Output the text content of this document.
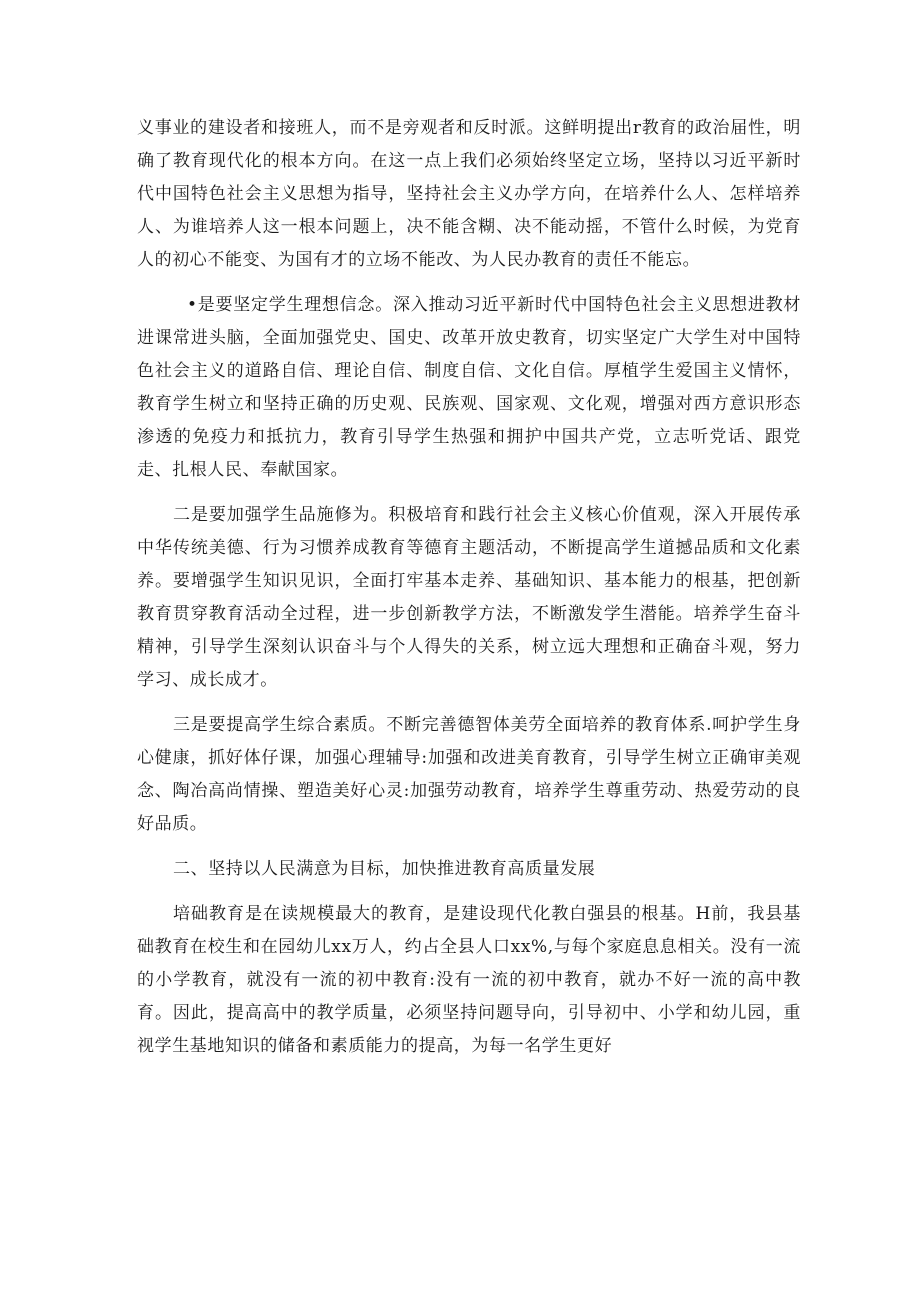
义事业的建设者和接班人，而不是旁观者和反时派。这鲜明提出r教育的政治届性，明确了教育现代化的根本方向。在这一点上我们必须始终坚定立场，坚持以习近平新时代中国特色社会主义思想为指导，坚持社会主义办学方向，在培养什么人、怎样培养人、为谁培养人这一根本问题上，决不能含糊、决不能动摇，不管什么时候，为党育人的初心不能变、为国有才的立场不能改、为人民办教育的责任不能忘。

•是要坚定学生理想信念。深入推动习近平新时代中国特色社会主义思想进教材进课常进头脑，全面加强党史、国史、改革开放史教育，切实坚定广大学生对中国特色社会主义的道路自信、理论自信、制度自信、文化自信。厚植学生爱国主义情怀，教育学生树立和坚持正确的历史观、民族观、国家观、文化观，增强对西方意识形态渗透的免疫力和抵抗力，教育引导学生热强和拥护中国共产党，立志听党话、跟党走、扎根人民、奉献国家。

二是要加强学生品施修为。积极培育和践行社会主义核心价值观，深入开展传承中华传统美德、行为习惯养成教育等德育主题活动，不断提高学生道撼品质和文化素养。要增强学生知识见识，全面打牢基本走养、基础知识、基本能力的根基，把创新教育贯穿教育活动全过程，进一步创新教学方法，不断激发学生潜能。培养学生奋斗精神，引导学生深刻认识奋斗与个人得失的关系，树立远大理想和正确奋斗观，努力学习、成长成才。

三是要提高学生综合素质。不断完善德智体美劳全面培养的教育体系.呵护学生身心健康，抓好体仔课，加强心理辅导:加强和改进美育教育，引导学生树立正确审美观念、陶冶高尚情操、塑造美好心灵:加强劳动教育，培养学生尊重劳动、热爱劳动的良好品质。

二、坚持以人民满意为目标，加快推进教育高质量发展

培础教育是在读规模最大的教育，是建设现代化教白强县的根基。H前，我县基础教育在校生和在园幼儿xx万人，约占全县人口xx%,与每个家庭息息相关。没有一流的小学教育，就没有一流的初中教育:没有一流的初中教育，就办不好一流的高中教育。因此，提高高中的教学质量，必须坚持问题导向，引导初中、小学和幼儿园，重视学生基地知识的储备和素质能力的提高，为每一名学生更好
